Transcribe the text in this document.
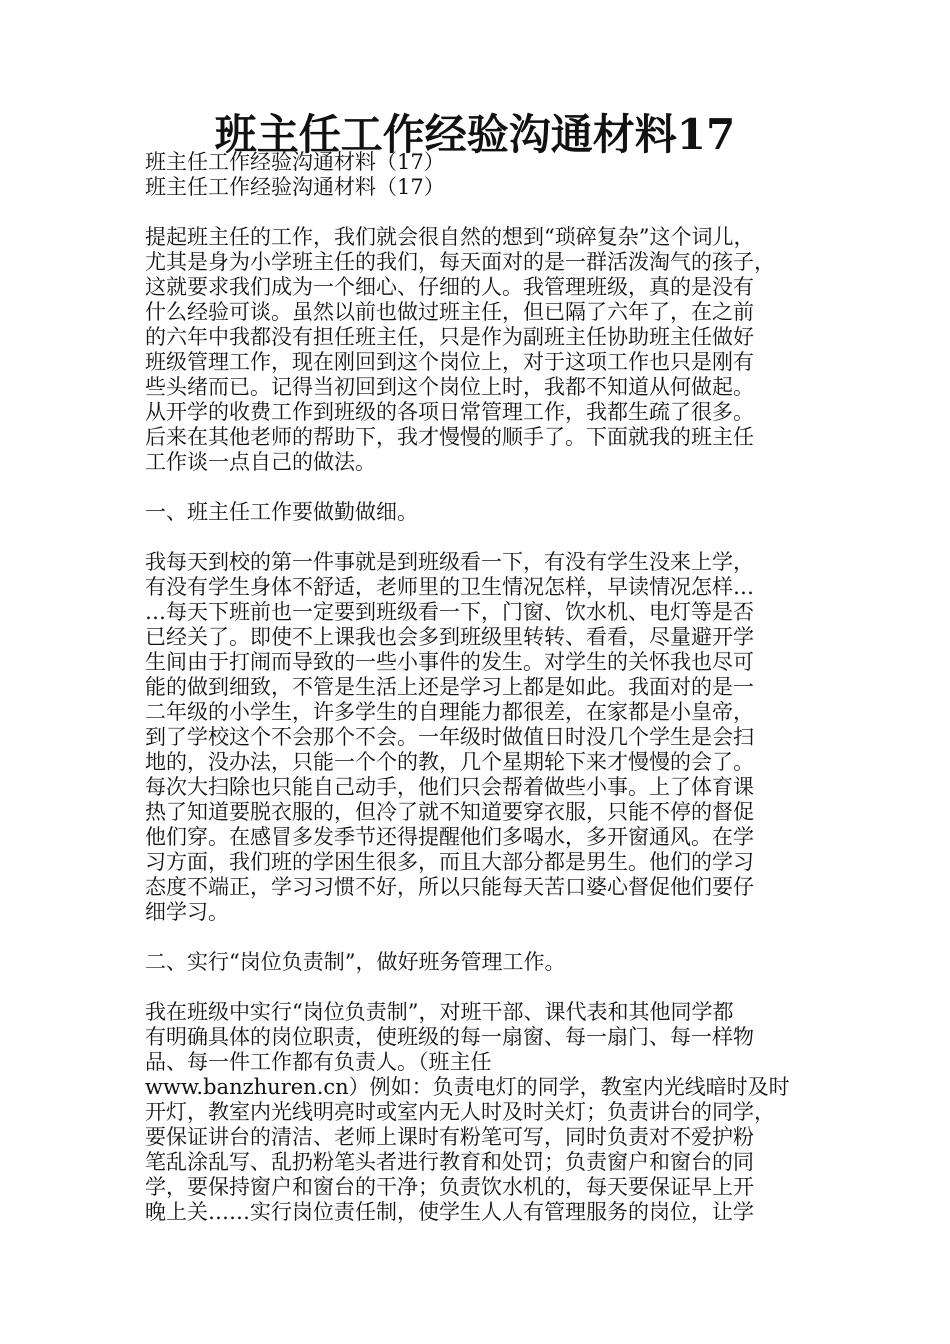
班主任工作经验沟通材料17

班主任工作经验沟通材料（17）

班主任工作经验沟通材料（17）

提起班主任的工作，我们就会很自然的想到“琐碎复杂”这个词儿，

尤其是身为小学班主任的我们，每天面对的是一群活泼淘气的孩子，

这就要求我们成为一个细心、仔细的人。我管理班级，真的是没有

什么经验可谈。虽然以前也做过班主任，但已隔了六年了，在之前

的六年中我都没有担任班主任，只是作为副班主任协助班主任做好

班级管理工作，现在刚回到这个岗位上，对于这项工作也只是刚有

些头绪而已。记得当初回到这个岗位上时，我都不知道从何做起。

从开学的收费工作到班级的各项日常管理工作，我都生疏了很多。

后来在其他老师的帮助下，我才慢慢的顺手了。下面就我的班主任

工作谈一点自己的做法。

一、班主任工作要做勤做细。

我每天到校的第一件事就是到班级看一下，有没有学生没来上学，

有没有学生身体不舒适，老师里的卫生情况怎样，早读情况怎样…

…每天下班前也一定要到班级看一下，门窗、饮水机、电灯等是否

已经关了。即使不上课我也会多到班级里转转、看看，尽量避开学

生间由于打闹而导致的一些小事件的发生。对学生的关怀我也尽可

能的做到细致，不管是生活上还是学习上都是如此。我面对的是一

二年级的小学生，许多学生的自理能力都很差，在家都是小皇帝，

到了学校这个不会那个不会。一年级时做值日时没几个学生是会扫

地的，没办法，只能一个个的教，几个星期轮下来才慢慢的会了。

每次大扫除也只能自己动手，他们只会帮着做些小事。上了体育课

热了知道要脱衣服的，但冷了就不知道要穿衣服，只能不停的督促

他们穿。在感冒多发季节还得提醒他们多喝水，多开窗通风。在学

习方面，我们班的学困生很多，而且大部分都是男生。他们的学习

态度不端正，学习习惯不好，所以只能每天苦口婆心督促他们要仔

细学习。

二、实行“岗位负责制”，做好班务管理工作。

我在班级中实行“岗位负责制”，对班干部、课代表和其他同学都

有明确具体的岗位职责，使班级的每一扇窗、每一扇门、每一样物

品、每一件工作都有负责人。（班主任

www.banzhuren.cn）例如：负责电灯的同学，教室内光线暗时及时

开灯，教室内光线明亮时或室内无人时及时关灯；负责讲台的同学，

要保证讲台的清洁、老师上课时有粉笔可写，同时负责对不爱护粉

笔乱涂乱写、乱扔粉笔头者进行教育和处罚；负责窗户和窗台的同

学，要保持窗户和窗台的干净；负责饮水机的，每天要保证早上开

晚上关……实行岗位责任制，使学生人人有管理服务的岗位，让学
